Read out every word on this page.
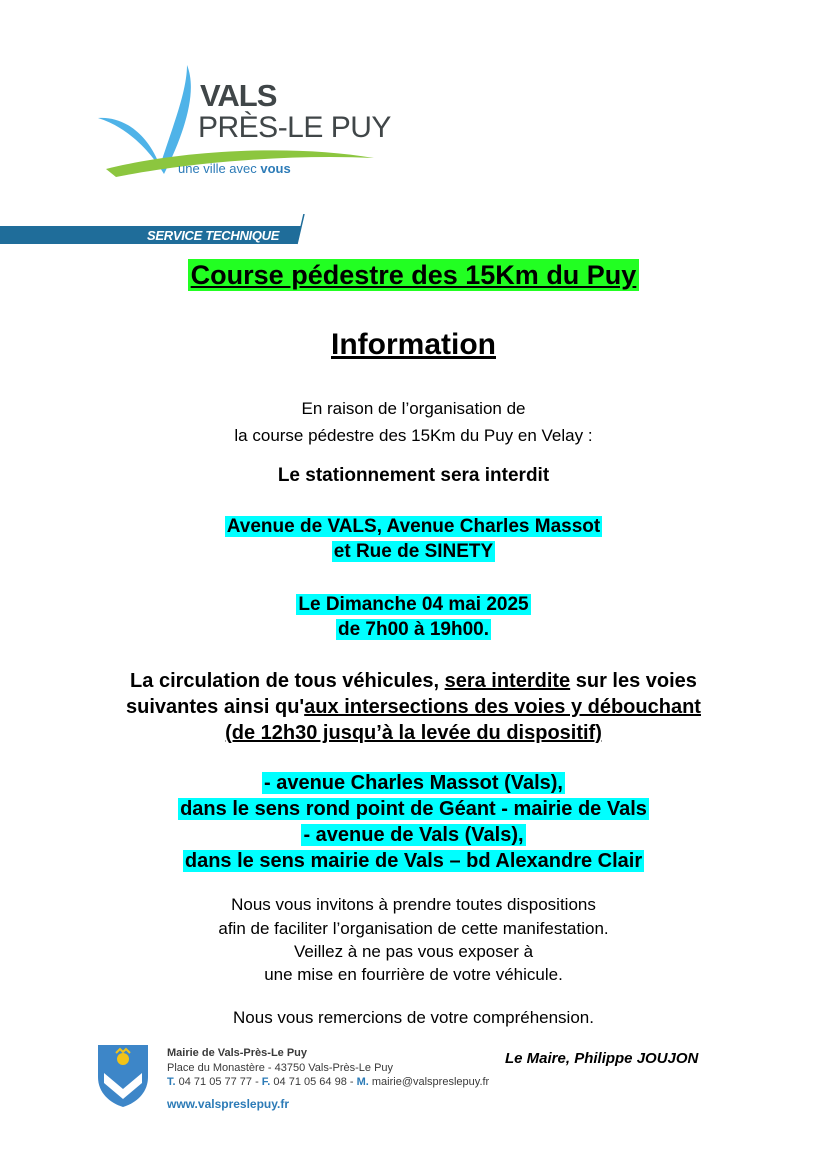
VALS
PRÈS-LE PUY
une ville avec vous
SERVICE TECHNIQUE
Course pédestre des 15Km du Puy
Information
En raison de l’organisation de
la course pédestre des 15Km du Puy en Velay :
Le stationnement sera interdit
Avenue de VALS, Avenue Charles Massot
et Rue de SINETY
Le Dimanche 04 mai 2025
de 7h00 à 19h00.
La circulation de tous véhicules, sera interdite sur les voies
suivantes ainsi qu'aux intersections des voies y débouchant
(de 12h30 jusqu’à la levée du dispositif)
- avenue Charles Massot (Vals),
dans le sens rond point de Géant - mairie de Vals
- avenue de Vals (Vals),
dans le sens mairie de Vals – bd Alexandre Clair
Nous vous invitons à prendre toutes dispositions
afin de faciliter l’organisation de cette manifestation.
Veillez à ne pas vous exposer à
une mise en fourrière de votre véhicule.
Nous vous remercions de votre compréhension.
Mairie de Vals-Près-Le Puy
Place du Monastère - 43750 Vals-Près-Le Puy
T. 04 71 05 77 77 - F. 04 71 05 64 98 - M. mairie@valspreslepuy.fr
www.valspreslepuy.fr
Le Maire, Philippe JOUJON
